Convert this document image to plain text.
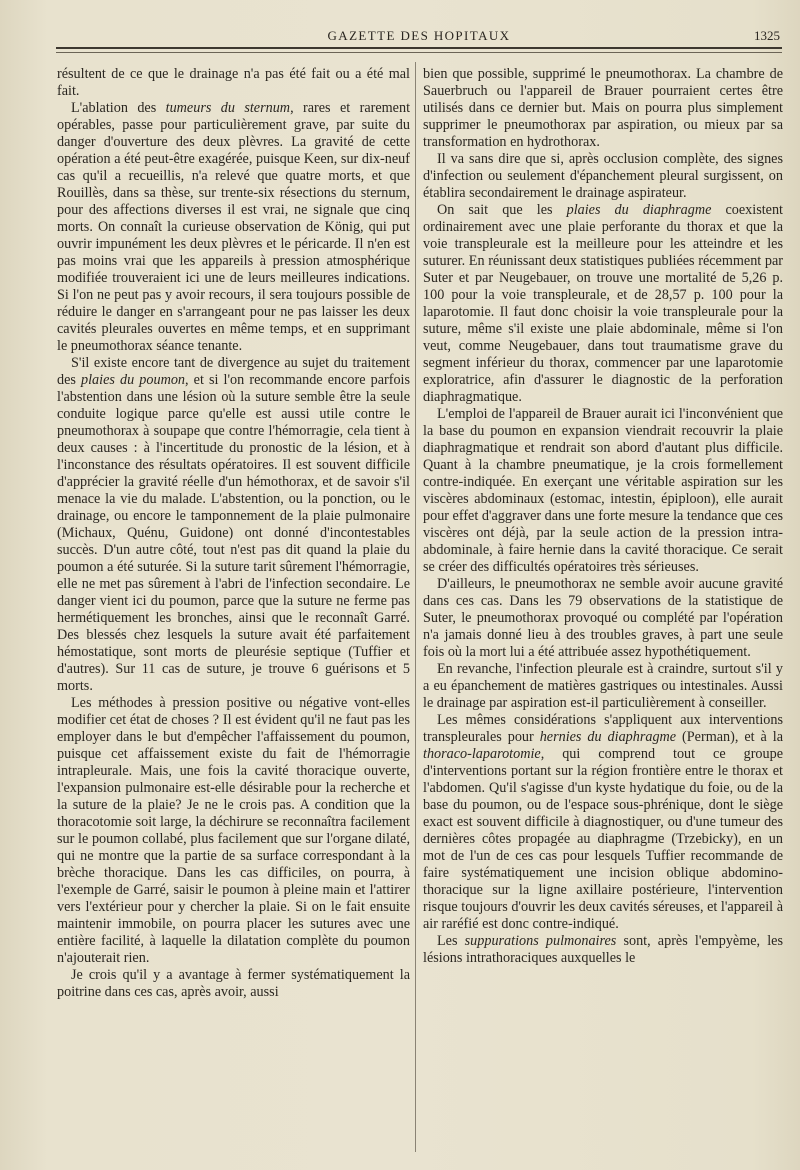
GAZETTE DES HOPITAUX	1325

résultent de ce que le drainage n'a pas été fait ou a été mal fait.

L'ablation des tumeurs du sternum, rares et rarement opérables, passe pour particulièrement grave, par suite du danger d'ouverture des deux plèvres. La gravité de cette opération a été peut-être exagérée, puisque Keen, sur dix-neuf cas qu'il a recueillis, n'a relevé que quatre morts, et que Rouillès, dans sa thèse, sur trente-six résections du sternum, pour des affections diverses il est vrai, ne signale que cinq morts. On connaît la curieuse observation de König, qui put ouvrir impunément les deux plèvres et le péricarde. Il n'en est pas moins vrai que les appareils à pression atmosphérique modifiée trouveraient ici une de leurs meilleures indications. Si l'on ne peut pas y avoir recours, il sera toujours possible de réduire le danger en s'arrangeant pour ne pas laisser les deux cavités pleurales ouvertes en même temps, et en supprimant le pneumothorax séance tenante.

S'il existe encore tant de divergence au sujet du traitement des plaies du poumon, et si l'on recommande encore parfois l'abstention dans une lésion où la suture semble être la seule conduite logique parce qu'elle est aussi utile contre le pneumothorax à soupape que contre l'hémorragie, cela tient à deux causes : à l'incertitude du pronostic de la lésion, et à l'inconstance des résultats opératoires. Il est souvent difficile d'apprécier la gravité réelle d'un hémothorax, et de savoir s'il menace la vie du malade. L'abstention, ou la ponction, ou le drainage, ou encore le tamponnement de la plaie pulmonaire (Michaux, Quénu, Guidone) ont donné d'incontestables succès. D'un autre côté, tout n'est pas dit quand la plaie du poumon a été suturée. Si la suture tarit sûrement l'hémorragie, elle ne met pas sûrement à l'abri de l'infection secondaire. Le danger vient ici du poumon, parce que la suture ne ferme pas hermétiquement les bronches, ainsi que le reconnaît Garré. Des blessés chez lesquels la suture avait été parfaitement hémostatique, sont morts de pleurésie septique (Tuffier et d'autres). Sur 11 cas de suture, je trouve 6 guérisons et 5 morts.

Les méthodes à pression positive ou négative vont-elles modifier cet état de choses ? Il est évident qu'il ne faut pas les employer dans le but d'empêcher l'affaissement du poumon, puisque cet affaissement existe du fait de l'hémorragie intrapleurale. Mais, une fois la cavité thoracique ouverte, l'expansion pulmonaire est-elle désirable pour la recherche et la suture de la plaie? Je ne le crois pas. A condition que la thoracotomie soit large, la déchirure se reconnaîtra facilement sur le poumon collabé, plus facilement que sur l'organe dilaté, qui ne montre que la partie de sa surface correspondant à la brèche thoracique. Dans les cas difficiles, on pourra, à l'exemple de Garré, saisir le poumon à pleine main et l'attirer vers l'extérieur pour y chercher la plaie. Si on le fait ensuite maintenir immobile, on pourra placer les sutures avec une entière facilité, à laquelle la dilatation complète du poumon n'ajouterait rien.

Je crois qu'il y a avantage à fermer systématiquement la poitrine dans ces cas, après avoir, aussi

bien que possible, supprimé le pneumothorax. La chambre de Sauerbruch ou l'appareil de Brauer pourraient certes être utilisés dans ce dernier but. Mais on pourra plus simplement supprimer le pneumothorax par aspiration, ou mieux par sa transformation en hydrothorax.

Il va sans dire que si, après occlusion complète, des signes d'infection ou seulement d'épanchement pleural surgissent, on établira secondairement le drainage aspirateur.

On sait que les plaies du diaphragme coexistent ordinairement avec une plaie perforante du thorax et que la voie transpleurale est la meilleure pour les atteindre et les suturer. En réunissant deux statistiques publiées récemment par Suter et par Neugebauer, on trouve une mortalité de 5,26 p. 100 pour la voie transpleurale, et de 28,57 p. 100 pour la laparotomie. Il faut donc choisir la voie transpleurale pour la suture, même s'il existe une plaie abdominale, même si l'on veut, comme Neugebauer, dans tout traumatisme grave du segment inférieur du thorax, commencer par une laparotomie exploratrice, afin d'assurer le diagnostic de la perforation diaphragmatique.

L'emploi de l'appareil de Brauer aurait ici l'inconvénient que la base du poumon en expansion viendrait recouvrir la plaie diaphragmatique et rendrait son abord d'autant plus difficile. Quant à la chambre pneumatique, je la crois formellement contre-indiquée. En exerçant une véritable aspiration sur les viscères abdominaux (estomac, intestin, épiploon), elle aurait pour effet d'aggraver dans une forte mesure la tendance que ces viscères ont déjà, par la seule action de la pression intra-abdominale, à faire hernie dans la cavité thoracique. Ce serait se créer des difficultés opératoires très sérieuses.

D'ailleurs, le pneumothorax ne semble avoir aucune gravité dans ces cas. Dans les 79 observations de la statistique de Suter, le pneumothorax provoqué ou complété par l'opération n'a jamais donné lieu à des troubles graves, à part une seule fois où la mort lui a été attribuée assez hypothétiquement.

En revanche, l'infection pleurale est à craindre, surtout s'il y a eu épanchement de matières gastriques ou intestinales. Aussi le drainage par aspiration est-il particulièrement à conseiller.

Les mêmes considérations s'appliquent aux interventions transpleurales pour hernies du diaphragme (Perman), et à la thoraco-laparotomie, qui comprend tout ce groupe d'interventions portant sur la région frontière entre le thorax et l'abdomen. Qu'il s'agisse d'un kyste hydatique du foie, ou de la base du poumon, ou de l'espace sous-phrénique, dont le siège exact est souvent difficile à diagnostiquer, ou d'une tumeur des dernières côtes propagée au diaphragme (Trzebicky), en un mot de l'un de ces cas pour lesquels Tuffier recommande de faire systématiquement une incision oblique abdomino-thoracique sur la ligne axillaire postérieure, l'intervention risque toujours d'ouvrir les deux cavités séreuses, et l'appareil à air raréfié est donc contre-indiqué.

Les suppurations pulmonaires sont, après l'empyème, les lésions intrathoraciques auxquelles le
